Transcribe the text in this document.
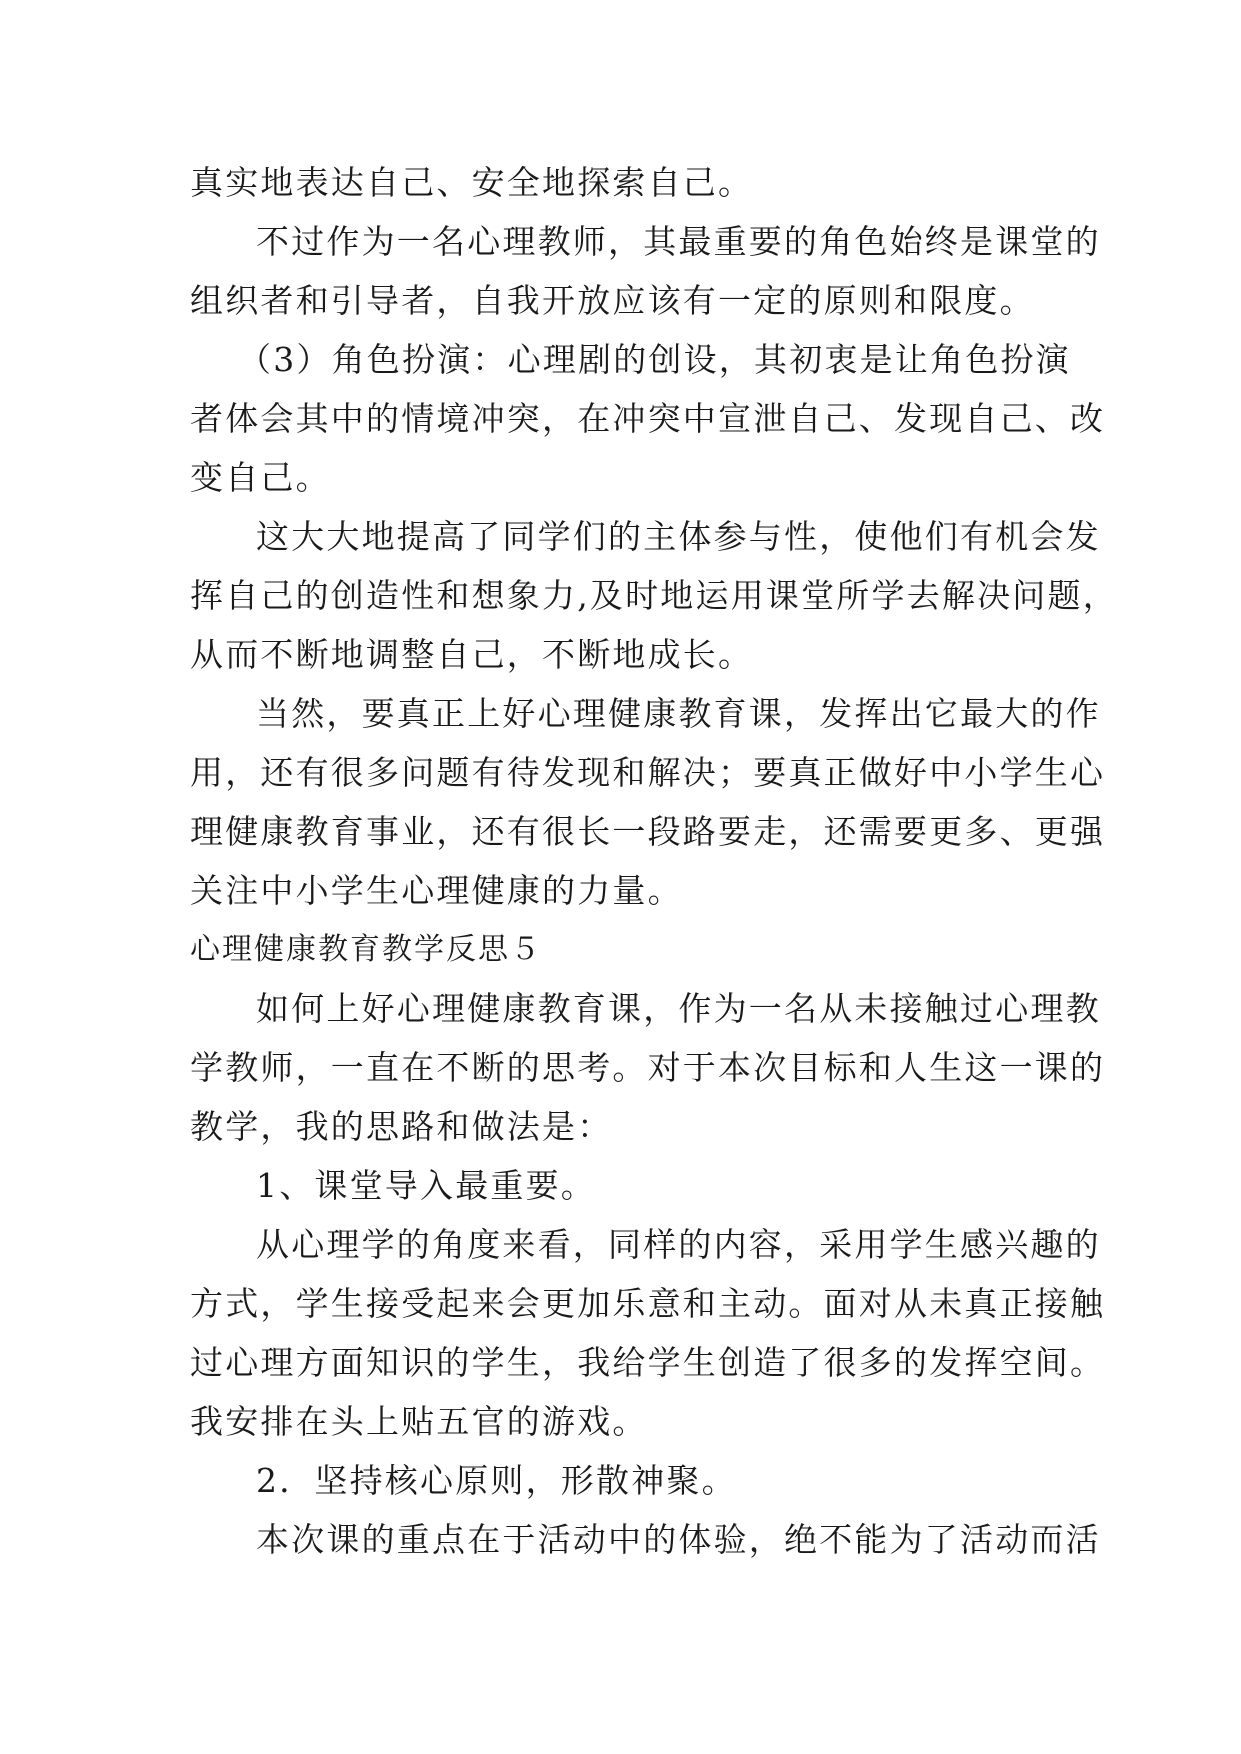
真实地表达自己、安全地探索自己。
不过作为一名心理教师，其最重要的角色始终是课堂的
组织者和引导者，自我开放应该有一定的原则和限度。
（3）角色扮演：心理剧的创设，其初衷是让角色扮演
者体会其中的情境冲突，在冲突中宣泄自己、发现自己、改
变自己。
这大大地提高了同学们的主体参与性，使他们有机会发
挥自己的创造性和想象力,及时地运用课堂所学去解决问题，
从而不断地调整自己，不断地成长。
当然，要真正上好心理健康教育课，发挥出它最大的作
用，还有很多问题有待发现和解决；要真正做好中小学生心
理健康教育事业，还有很长一段路要走，还需要更多、更强
关注中小学生心理健康的力量。
心理健康教育教学反思５
如何上好心理健康教育课，作为一名从未接触过心理教
学教师，一直在不断的思考。对于本次目标和人生这一课的
教学，我的思路和做法是：
1、课堂导入最重要。
从心理学的角度来看，同样的内容，采用学生感兴趣的
方式，学生接受起来会更加乐意和主动。面对从未真正接触
过心理方面知识的学生，我给学生创造了很多的发挥空间。
我安排在头上贴五官的游戏。
2．坚持核心原则，形散神聚。
本次课的重点在于活动中的体验，绝不能为了活动而活
